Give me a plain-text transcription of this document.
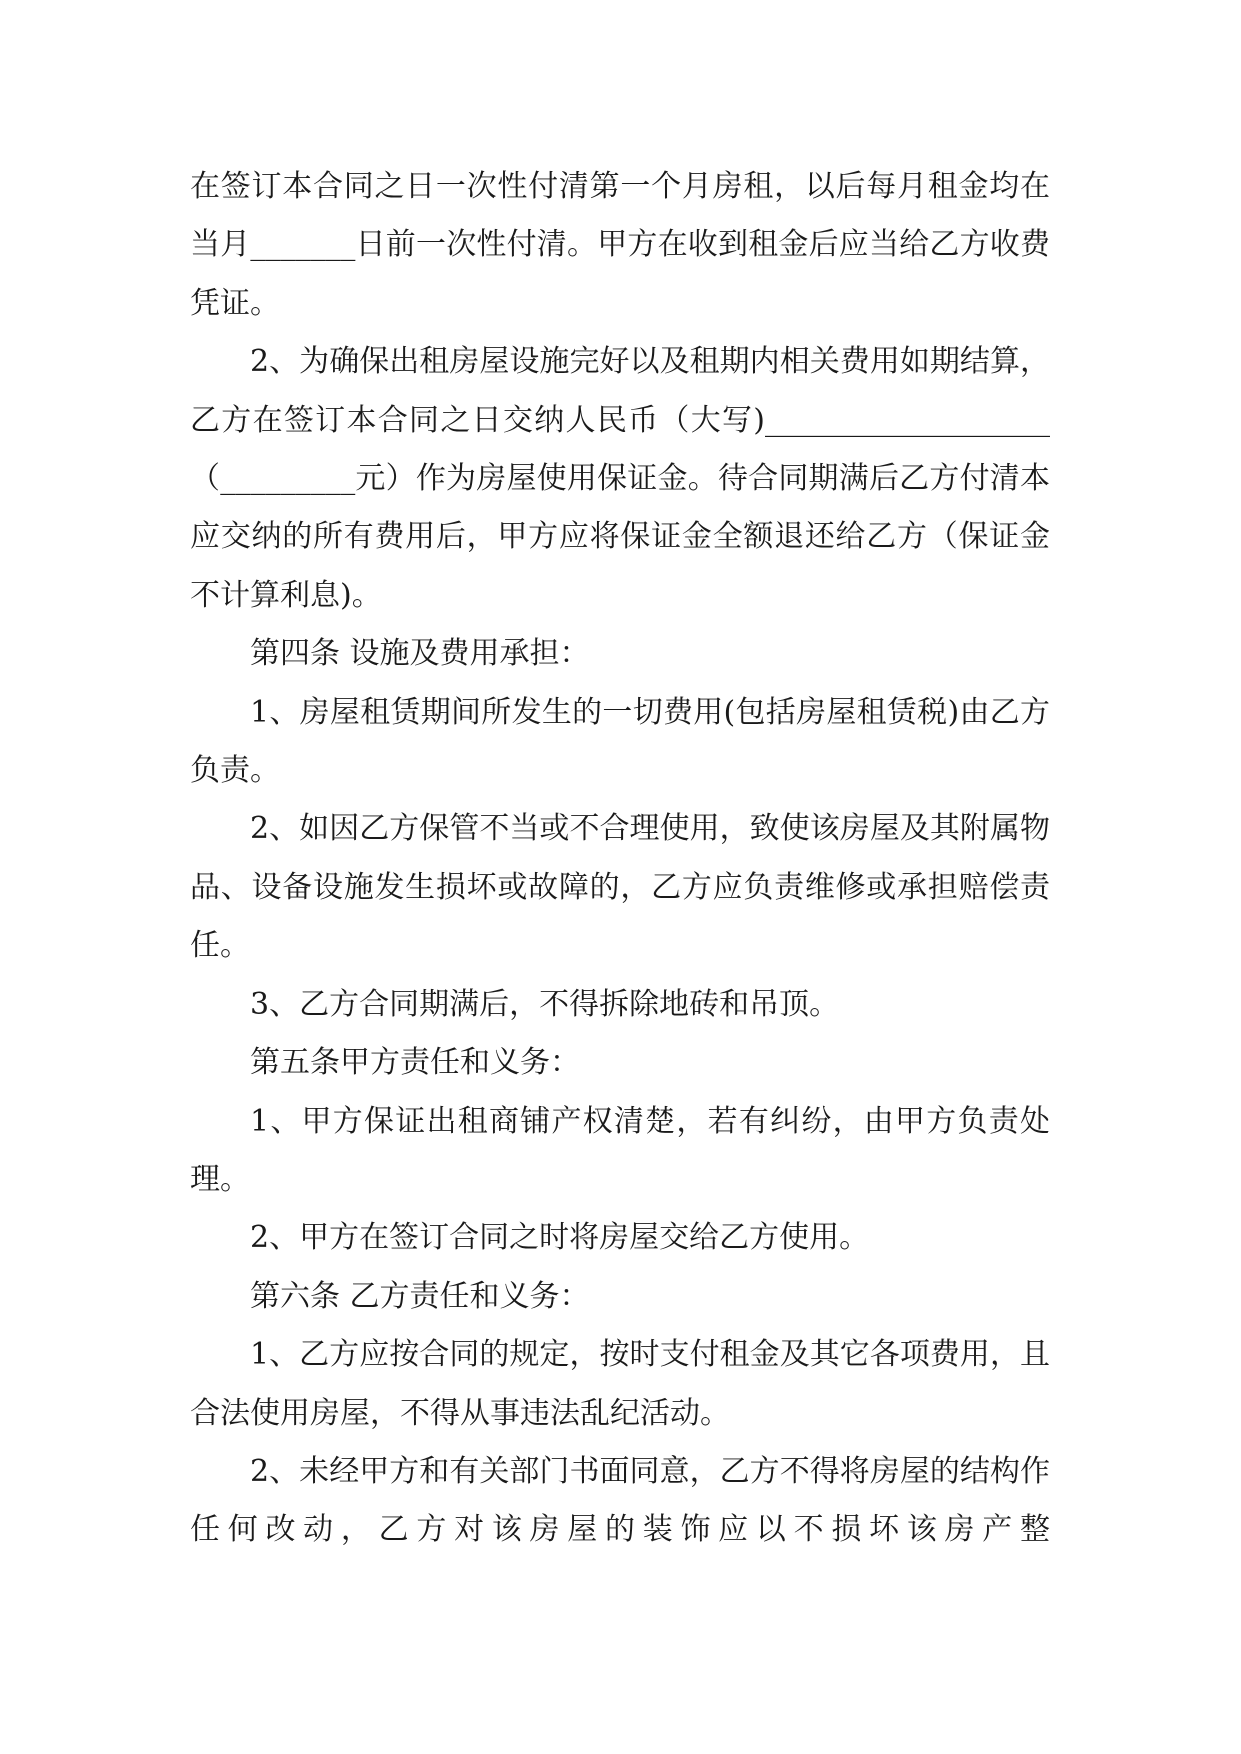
在签订本合同之日一次性付清第一个月房租，以后每月租金均在当月_______日前一次性付清。甲方在收到租金后应当给乙方收费凭证。

2、为确保出租房屋设施完好以及租期内相关费用如期结算，乙方在签订本合同之日交纳人民币（大写)___________________（_________元）作为房屋使用保证金。待合同期满后乙方付清本应交纳的所有费用后，甲方应将保证金全额退还给乙方（保证金不计算利息)。

第四条 设施及费用承担：

1、房屋租赁期间所发生的一切费用(包括房屋租赁税)由乙方负责。

2、如因乙方保管不当或不合理使用，致使该房屋及其附属物品、设备设施发生损坏或故障的，乙方应负责维修或承担赔偿责任。

3、乙方合同期满后，不得拆除地砖和吊顶。

第五条甲方责任和义务：

1、甲方保证出租商铺产权清楚，若有纠纷，由甲方负责处理。

2、甲方在签订合同之时将房屋交给乙方使用。

第六条 乙方责任和义务：

1、乙方应按合同的规定，按时支付租金及其它各项费用，且合法使用房屋，不得从事违法乱纪活动。

2、未经甲方和有关部门书面同意，乙方不得将房屋的结构作任何改动，乙方对该房屋的装饰应以不损坏该房产整
